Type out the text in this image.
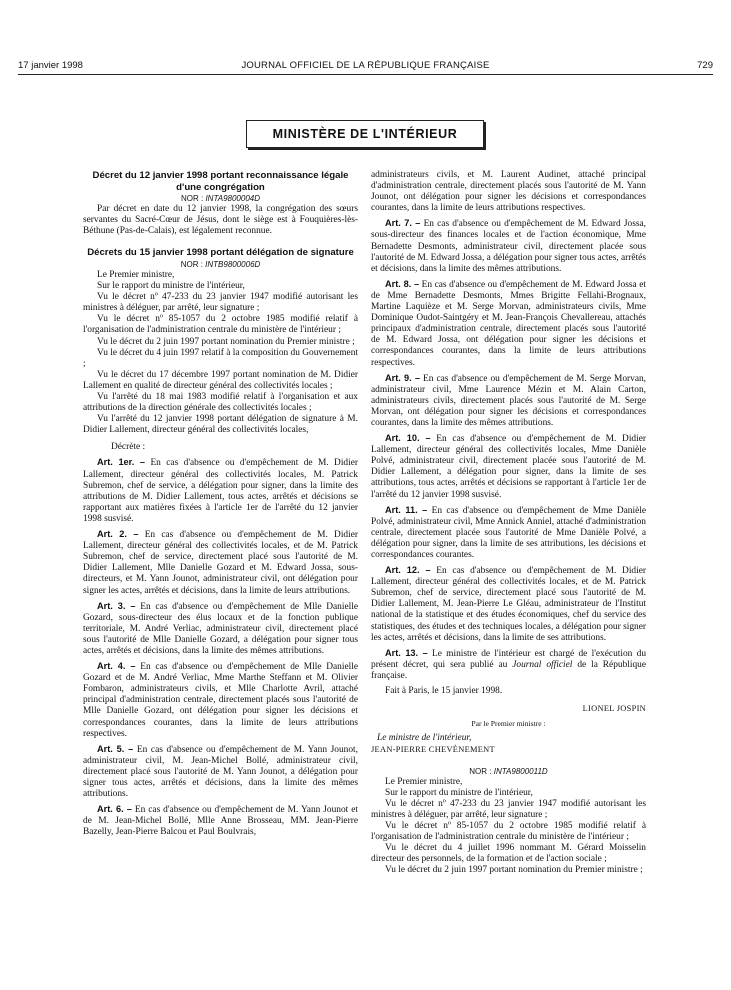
17 janvier 1998	JOURNAL OFFICIEL DE LA RÉPUBLIQUE FRANÇAISE	729
MINISTÈRE DE L'INTÉRIEUR

Décret du 12 janvier 1998 portant reconnaissance légale d'une congrégation

NOR : INTA9800004D

Par décret en date du 12 janvier 1998, la congrégation des sœurs servantes du Sacré-Cœur de Jésus, dont le siège est à Fouquières-lès-Béthune (Pas-de-Calais), est légalement reconnue.

Décrets du 15 janvier 1998 portant délégation de signature

NOR : INTB9800006D

Le Premier ministre,

Sur le rapport du ministre de l'intérieur,

Vu le décret nº 47-233 du 23 janvier 1947 modifié autorisant les ministres à déléguer, par arrêté, leur signature ;

Vu le décret nº 85-1057 du 2 octobre 1985 modifié relatif à l'organisation de l'administration centrale du ministère de l'intérieur ;

Vu le décret du 2 juin 1997 portant nomination du Premier ministre ;

Vu le décret du 4 juin 1997 relatif à la composition du Gouvernement ;

Vu le décret du 17 décembre 1997 portant nomination de M. Didier Lallement en qualité de directeur général des collectivités locales ;

Vu l'arrêté du 18 mai 1983 modifié relatif à l'organisation et aux attributions de la direction générale des collectivités locales ;

Vu l'arrêté du 12 janvier 1998 portant délégation de signature à M. Didier Lallement, directeur général des collectivités locales,

Décrète :

Art. 1er. – En cas d'absence ou d'empêchement de M. Didier Lallement, directeur général des collectivités locales, M. Patrick Subremon, chef de service, a délégation pour signer, dans la limite des attributions de M. Didier Lallement, tous actes, arrêtés et décisions se rapportant aux matières fixées à l'article 1er de l'arrêté du 12 janvier 1998 susvisé.

Art. 2. – En cas d'absence ou d'empêchement de M. Didier Lallement, directeur général des collectivités locales, et de M. Patrick Subremon, chef de service, directement placé sous l'autorité de M. Didier Lallement, Mlle Danielle Gozard et M. Edward Jossa, sous-directeurs, et M. Yann Jounot, administrateur civil, ont délégation pour signer les actes, arrêtés et décisions, dans la limite de leurs attributions.

Art. 3. – En cas d'absence ou d'empêchement de Mlle Danielle Gozard, sous-directeur des élus locaux et de la fonction publique territoriale, M. André Verliac, administrateur civil, directement placé sous l'autorité de Mlle Danielle Gozard, a délégation pour signer tous actes, arrêtés et décisions, dans la limite des mêmes attributions.

Art. 4. – En cas d'absence ou d'empêchement de Mlle Danielle Gozard et de M. André Verliac, Mme Marthe Steffann et M. Olivier Fombaron, administrateurs civils, et Mlle Charlotte Avril, attaché principal d'administration centrale, directement placés sous l'autorité de Mlle Danielle Gozard, ont délégation pour signer les décisions et correspondances courantes, dans la limite de leurs attributions respectives.

Art. 5. – En cas d'absence ou d'empêchement de M. Yann Jounot, administrateur civil, M. Jean-Michel Bollé, administrateur civil, directement placé sous l'autorité de M. Yann Jounot, a délégation pour signer tous actes, arrêtés et décisions, dans la limite des mêmes attributions.

Art. 6. – En cas d'absence ou d'empêchement de M. Yann Jounot et de M. Jean-Michel Bollé, Mlle Anne Brosseau, MM. Jean-Pierre Bazelly, Jean-Pierre Balcou et Paul Boulvrais,

administrateurs civils, et M. Laurent Audinet, attaché principal d'administration centrale, directement placés sous l'autorité de M. Yann Jounot, ont délégation pour signer les décisions et correspondances courantes, dans la limite de leurs attributions respectives.

Art. 7. – En cas d'absence ou d'empêchement de M. Edward Jossa, sous-directeur des finances locales et de l'action économique, Mme Bernadette Desmonts, administrateur civil, directement placée sous l'autorité de M. Edward Jossa, a délégation pour signer tous actes, arrêtés et décisions, dans la limite des mêmes attributions.

Art. 8. – En cas d'absence ou d'empêchement de M. Edward Jossa et de Mme Bernadette Desmonts, Mmes Brigitte Fellahi-Brognaux, Martine Laquièze et M. Serge Morvan, administrateurs civils, Mme Dominique Oudot-Saintgéry et M. Jean-François Chevallereau, attachés principaux d'administration centrale, directement placés sous l'autorité de M. Edward Jossa, ont délégation pour signer les décisions et correspondances courantes, dans la limite de leurs attributions respectives.

Art. 9. – En cas d'absence ou d'empêchement de M. Serge Morvan, administrateur civil, Mme Laurence Mézin et M. Alain Carton, administrateurs civils, directement placés sous l'autorité de M. Serge Morvan, ont délégation pour signer les décisions et correspondances courantes, dans la limite des mêmes attributions.

Art. 10. – En cas d'absence ou d'empêchement de M. Didier Lallement, directeur général des collectivités locales, Mme Danièle Polvé, administrateur civil, directement placée sous l'autorité de M. Didier Lallement, a délégation pour signer, dans la limite de ses attributions, tous actes, arrêtés et décisions se rapportant à l'article 1er de l'arrêté du 12 janvier 1998 susvisé.

Art. 11. – En cas d'absence ou d'empêchement de Mme Danièle Polvé, administrateur civil, Mme Annick Anniel, attaché d'administration centrale, directement placée sous l'autorité de Mme Danièle Polvé, a délégation pour signer, dans la limite de ses attributions, les décisions et correspondances courantes.

Art. 12. – En cas d'absence ou d'empêchement de M. Didier Lallement, directeur général des collectivités locales, et de M. Patrick Subremon, chef de service, directement placé sous l'autorité de M. Didier Lallement, M. Jean-Pierre Le Gléau, administrateur de l'Institut national de la statistique et des études économiques, chef du service des statistiques, des études et des techniques locales, a délégation pour signer les actes, arrêtés et décisions, dans la limite de ses attributions.

Art. 13. – Le ministre de l'intérieur est chargé de l'exécution du présent décret, qui sera publié au Journal officiel de la République française.

Fait à Paris, le 15 janvier 1998.

LIONEL JOSPIN

Par le Premier ministre :

Le ministre de l'intérieur,

JEAN-PIERRE CHEVÈNEMENT

NOR : INTA9800011D

Le Premier ministre,

Sur le rapport du ministre de l'intérieur,

Vu le décret nº 47-233 du 23 janvier 1947 modifié autorisant les ministres à déléguer, par arrêté, leur signature ;

Vu le décret nº 85-1057 du 2 octobre 1985 modifié relatif à l'organisation de l'administration centrale du ministère de l'intérieur ;

Vu le décret du 4 juillet 1996 nommant M. Gérard Moisselin directeur des personnels, de la formation et de l'action sociale ;

Vu le décret du 2 juin 1997 portant nomination du Premier ministre ;
